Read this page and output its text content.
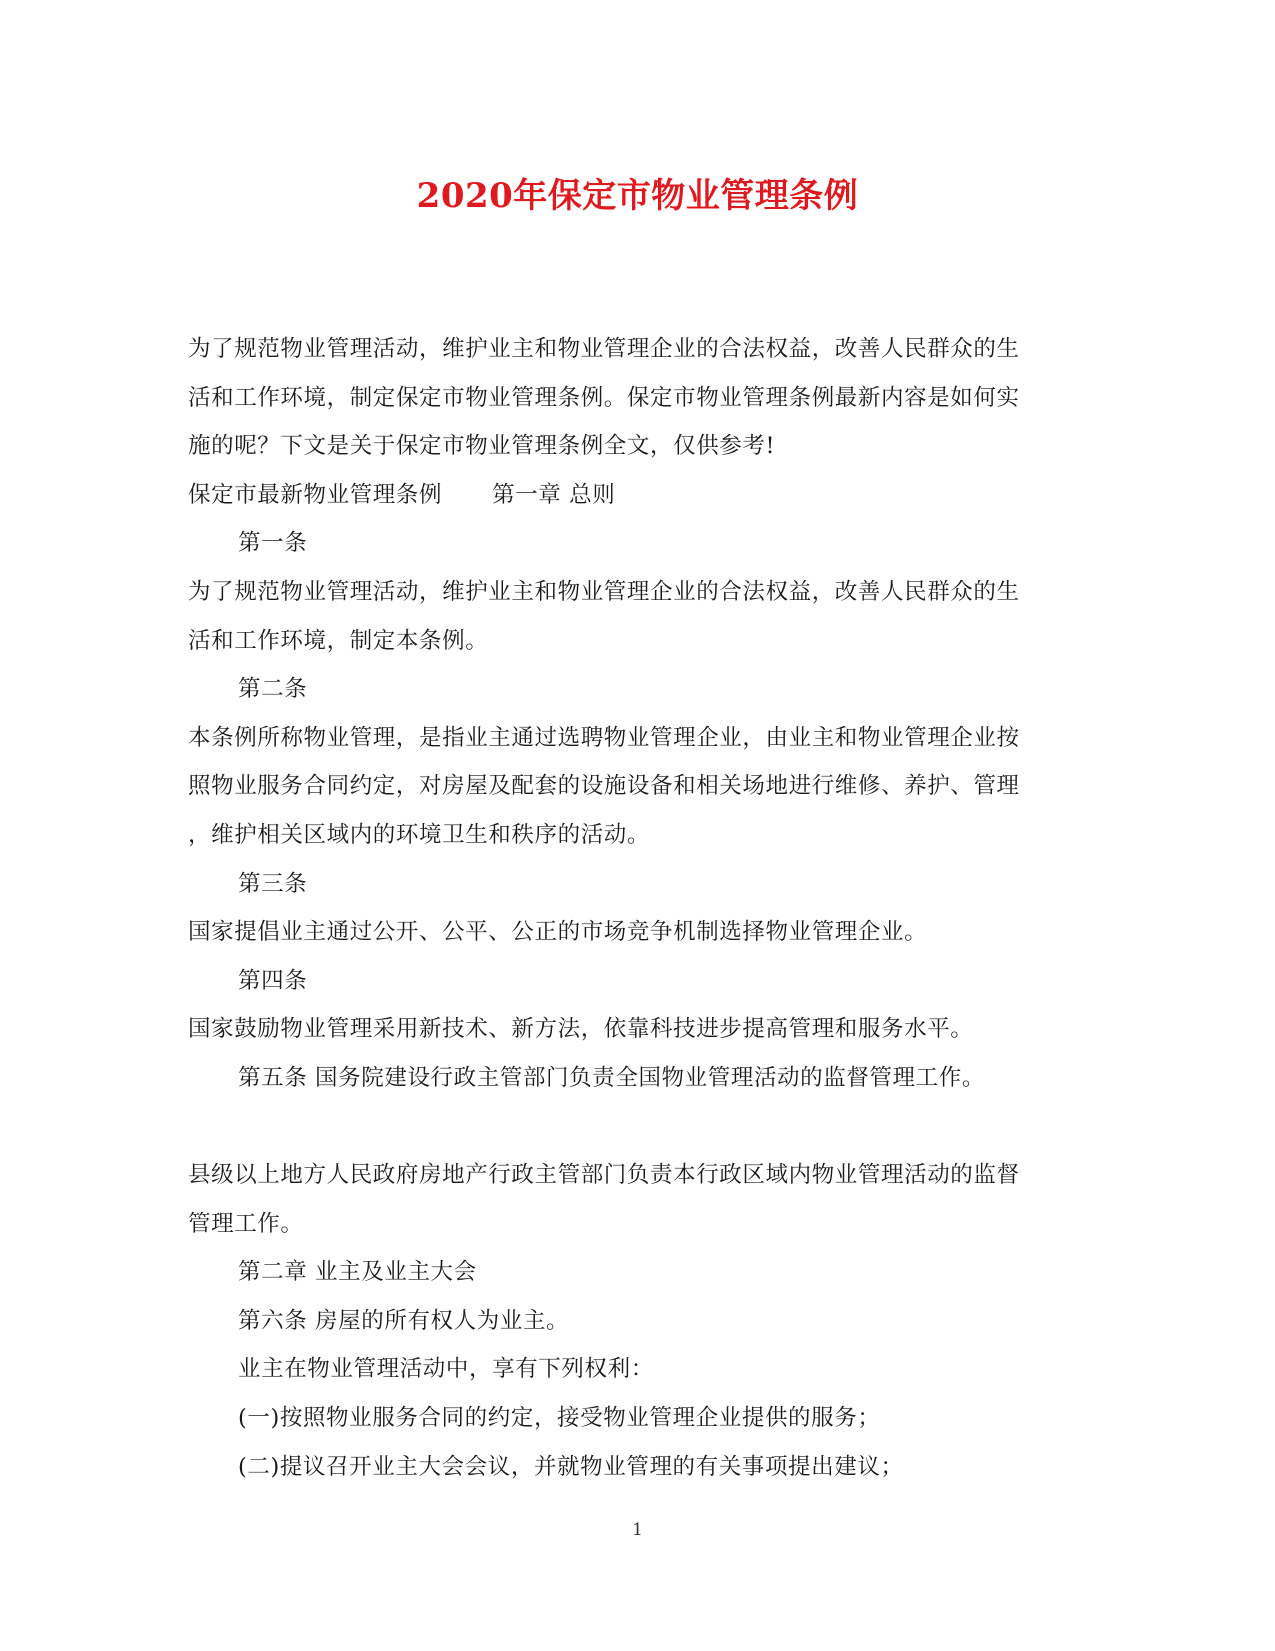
2020年保定市物业管理条例
为了规范物业管理活动，维护业主和物业管理企业的合法权益，改善人民群众的生
活和工作环境，制定保定市物业管理条例。保定市物业管理条例最新内容是如何实
施的呢？下文是关于保定市物业管理条例全文，仅供参考!
保定市最新物业管理条例 第一章 总则
第一条
为了规范物业管理活动，维护业主和物业管理企业的合法权益，改善人民群众的生
活和工作环境，制定本条例。
第二条
本条例所称物业管理，是指业主通过选聘物业管理企业，由业主和物业管理企业按
照物业服务合同约定，对房屋及配套的设施设备和相关场地进行维修、养护、管理
，维护相关区域内的环境卫生和秩序的活动。
第三条
国家提倡业主通过公开、公平、公正的市场竞争机制选择物业管理企业。
第四条
国家鼓励物业管理采用新技术、新方法，依靠科技进步提高管理和服务水平。
第五条 国务院建设行政主管部门负责全国物业管理活动的监督管理工作。
县级以上地方人民政府房地产行政主管部门负责本行政区域内物业管理活动的监督
管理工作。
第二章 业主及业主大会
第六条 房屋的所有权人为业主。
业主在物业管理活动中，享有下列权利：
(一)按照物业服务合同的约定，接受物业管理企业提供的服务；
(二)提议召开业主大会会议，并就物业管理的有关事项提出建议；
1
